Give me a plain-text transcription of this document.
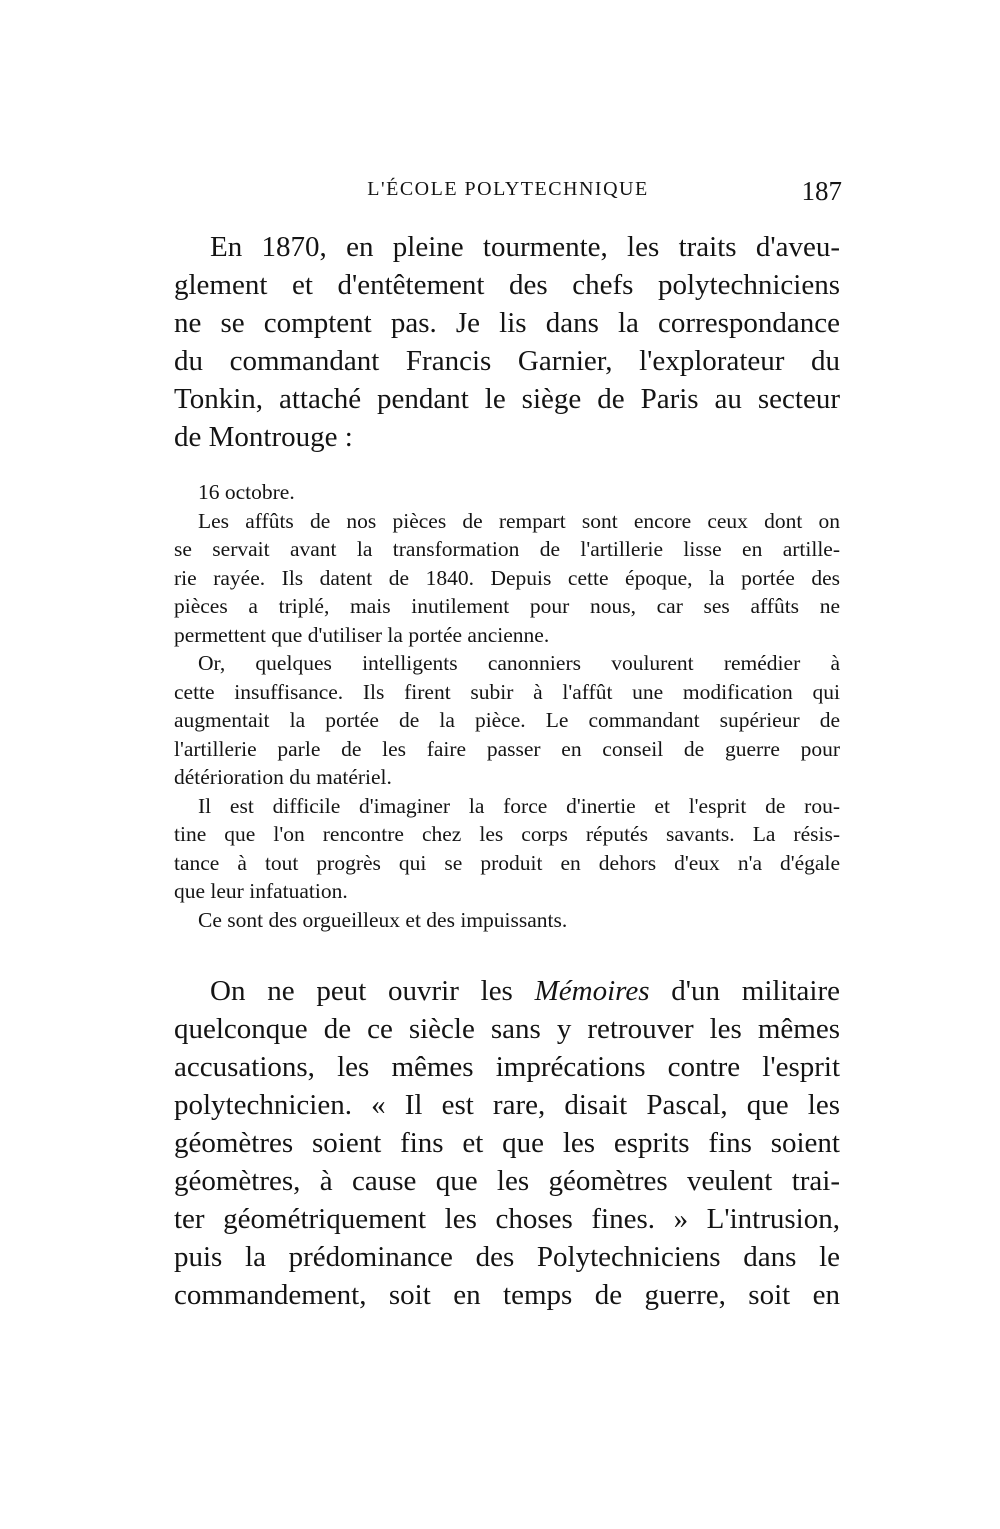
L'ÉCOLE POLYTECHNIQUE	187
En 1870, en pleine tourmente, les traits d'aveu-
glement et d'entêtement des chefs polytechniciens
ne se comptent pas. Je lis dans la correspondance
du commandant Francis Garnier, l'explorateur du
Tonkin, attaché pendant le siège de Paris au secteur
de Montrouge :
16 octobre.
Les affûts de nos pièces de rempart sont encore ceux dont on
se servait avant la transformation de l'artillerie lisse en artille-
rie rayée. Ils datent de 1840. Depuis cette époque, la portée des
pièces a triplé, mais inutilement pour nous, car ses affûts ne
permettent que d'utiliser la portée ancienne.
Or, quelques intelligents canonniers voulurent remédier à
cette insuffisance. Ils firent subir à l'affût une modification qui
augmentait la portée de la pièce. Le commandant supérieur de
l'artillerie parle de les faire passer en conseil de guerre pour
détérioration du matériel.
Il est difficile d'imaginer la force d'inertie et l'esprit de rou-
tine que l'on rencontre chez les corps réputés savants. La résis-
tance à tout progrès qui se produit en dehors d'eux n'a d'égale
que leur infatuation.
Ce sont des orgueilleux et des impuissants.
On ne peut ouvrir les Mémoires d'un militaire
quelconque de ce siècle sans y retrouver les mêmes
accusations, les mêmes imprécations contre l'esprit
polytechnicien. « Il est rare, disait Pascal, que les
géomètres soient fins et que les esprits fins soient
géomètres, à cause que les géomètres veulent trai-
ter géométriquement les choses fines. » L'intrusion,
puis la prédominance des Polytechniciens dans le
commandement, soit en temps de guerre, soit en
